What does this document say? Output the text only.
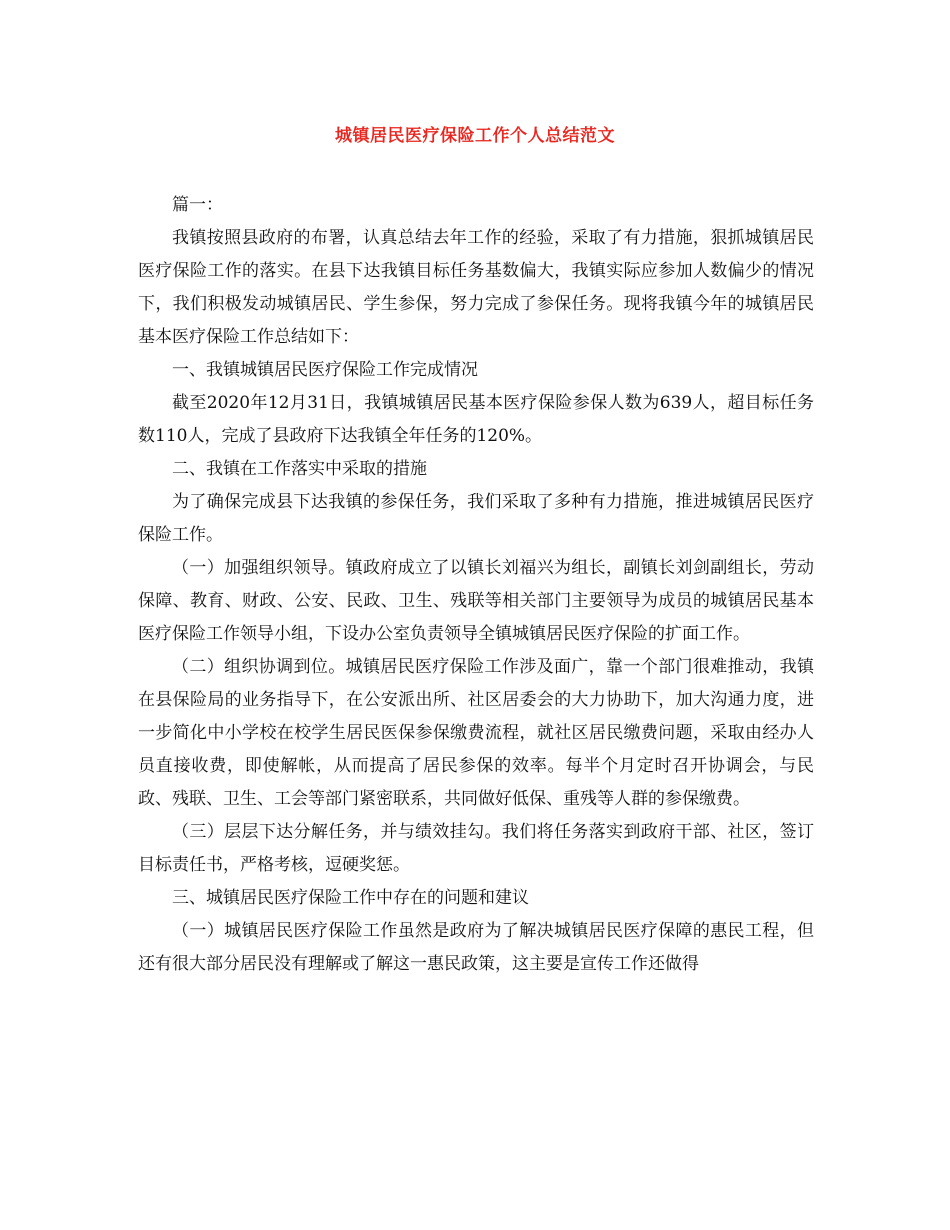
城镇居民医疗保险工作个人总结范文

篇一：

我镇按照县政府的布署，认真总结去年工作的经验，采取了有力措施，狠抓城镇居民医疗保险工作的落实。在县下达我镇目标任务基数偏大，我镇实际应参加人数偏少的情况下，我们积极发动城镇居民、学生参保，努力完成了参保任务。现将我镇今年的城镇居民基本医疗保险工作总结如下：

一、我镇城镇居民医疗保险工作完成情况

截至2020年12月31日，我镇城镇居民基本医疗保险参保人数为639人，超目标任务数110人，完成了县政府下达我镇全年任务的120%。

二、我镇在工作落实中采取的措施

为了确保完成县下达我镇的参保任务，我们采取了多种有力措施，推进城镇居民医疗保险工作。

（一）加强组织领导。镇政府成立了以镇长刘福兴为组长，副镇长刘剑副组长，劳动保障、教育、财政、公安、民政、卫生、残联等相关部门主要领导为成员的城镇居民基本医疗保险工作领导小组，下设办公室负责领导全镇城镇居民医疗保险的扩面工作。

（二）组织协调到位。城镇居民医疗保险工作涉及面广，靠一个部门很难推动，我镇在县保险局的业务指导下，在公安派出所、社区居委会的大力协助下，加大沟通力度，进一步简化中小学校在校学生居民医保参保缴费流程，就社区居民缴费问题，采取由经办人员直接收费，即使解帐，从而提高了居民参保的效率。每半个月定时召开协调会，与民政、残联、卫生、工会等部门紧密联系，共同做好低保、重残等人群的参保缴费。

（三）层层下达分解任务，并与绩效挂勾。我们将任务落实到政府干部、社区，签订目标责任书，严格考核，逗硬奖惩。

三、城镇居民医疗保险工作中存在的问题和建议

（一）城镇居民医疗保险工作虽然是政府为了解决城镇居民医疗保障的惠民工程，但还有很大部分居民没有理解或了解这一惠民政策，这主要是宣传工作还做得
